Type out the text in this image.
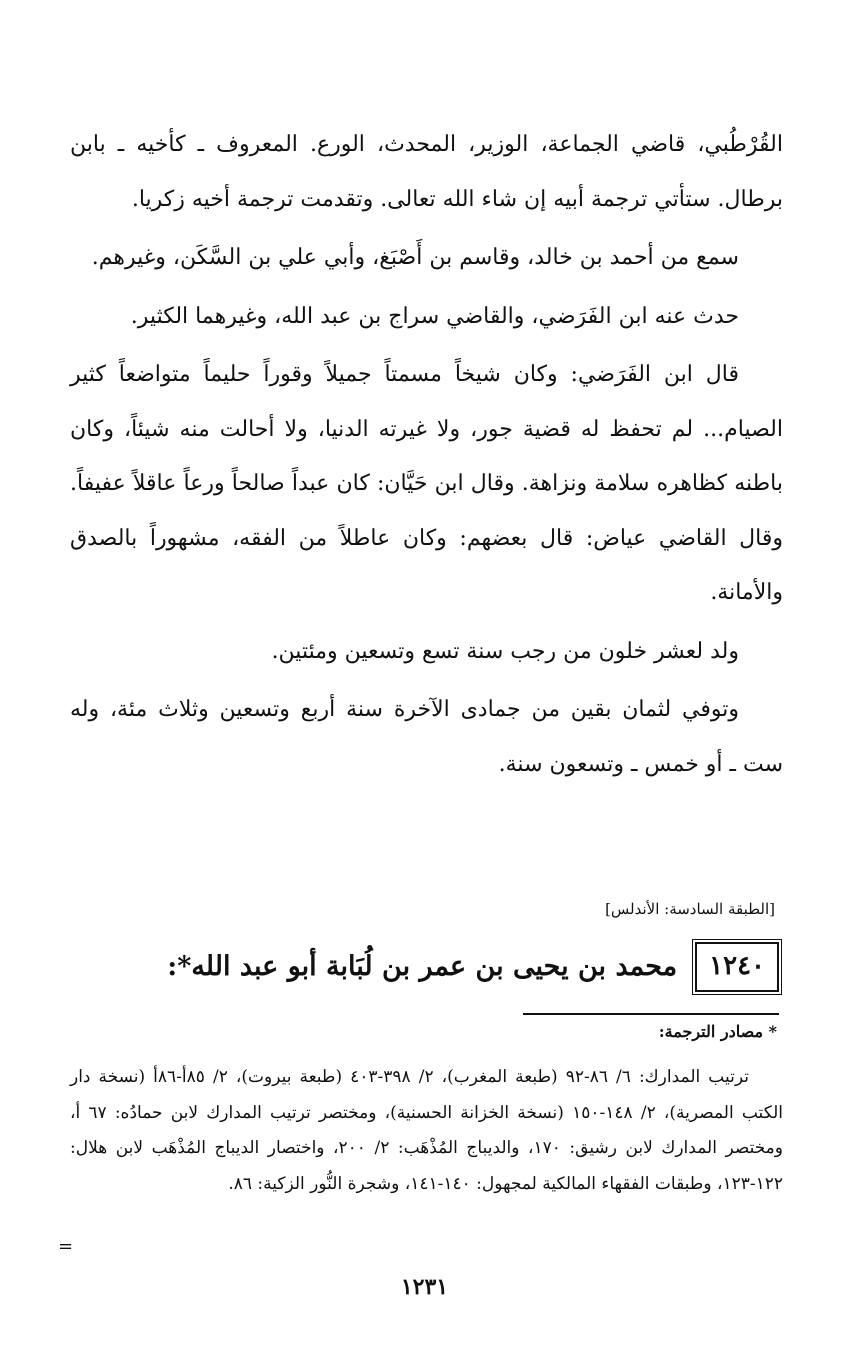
القُرْطُبي، قاضي الجماعة، الوزير، المحدث، الورع. المعروف ـ كأخيه ـ بابن برطال. ستأتي ترجمة أبيه إن شاء الله تعالى. وتقدمت ترجمة أخيه زكريا.

سمع من أحمد بن خالد، وقاسم بن أَصْبَغ، وأبي علي بن السَّكَن، وغيرهم.

حدث عنه ابن الفَرَضي، والقاضي سراج بن عبد الله، وغيرهما الكثير.

قال ابن الفَرَضي: وكان شيخاً مسمتاً جميلاً وقوراً حليماً متواضعاً كثير الصيام... لم تحفظ له قضية جور، ولا غيرته الدنيا، ولا أحالت منه شيئاً، وكان باطنه كظاهره سلامة ونزاهة. وقال ابن حَيَّان: كان عبداً صالحاً ورعاً عاقلاً عفيفاً. وقال القاضي عياض: قال بعضهم: وكان عاطلاً من الفقه، مشهوراً بالصدق والأمانة.

ولد لعشر خلون من رجب سنة تسع وتسعين ومئتين.

وتوفي لثمان بقين من جمادى الآخرة سنة أربع وتسعين وثلاث مئة، وله ست ـ أو خمس ـ وتسعون سنة.

[الطبقة السادسة: الأندلس]
١٢٤٠
محمد بن يحيى بن عمر بن لُبَابة أبو عبد الله*:
* مصادر الترجمة:

ترتيب المدارك: ٦/ ٨٦-٩٢ (طبعة المغرب)، ٢/ ٣٩٨-٤٠٣ (طبعة بيروت)، ٢/ ٨٥أ-٨٦أ (نسخة دار الكتب المصرية)، ٢/ ١٤٨-١٥٠ (نسخة الخزانة الحسنية)، ومختصر ترتيب المدارك لابن حمادُه: ٦٧ أ، ومختصر المدارك لابن رشيق: ١٧٠، والديباج المُذْهَب: ٢/ ٢٠٠، واختصار الديباج المُذْهَب لابن هلال: ١٢٢-١٢٣، وطبقات الفقهاء المالكية لمجهول: ١٤٠-١٤١، وشجرة النُّور الزكية: ٨٦.

=
١٢٣١
